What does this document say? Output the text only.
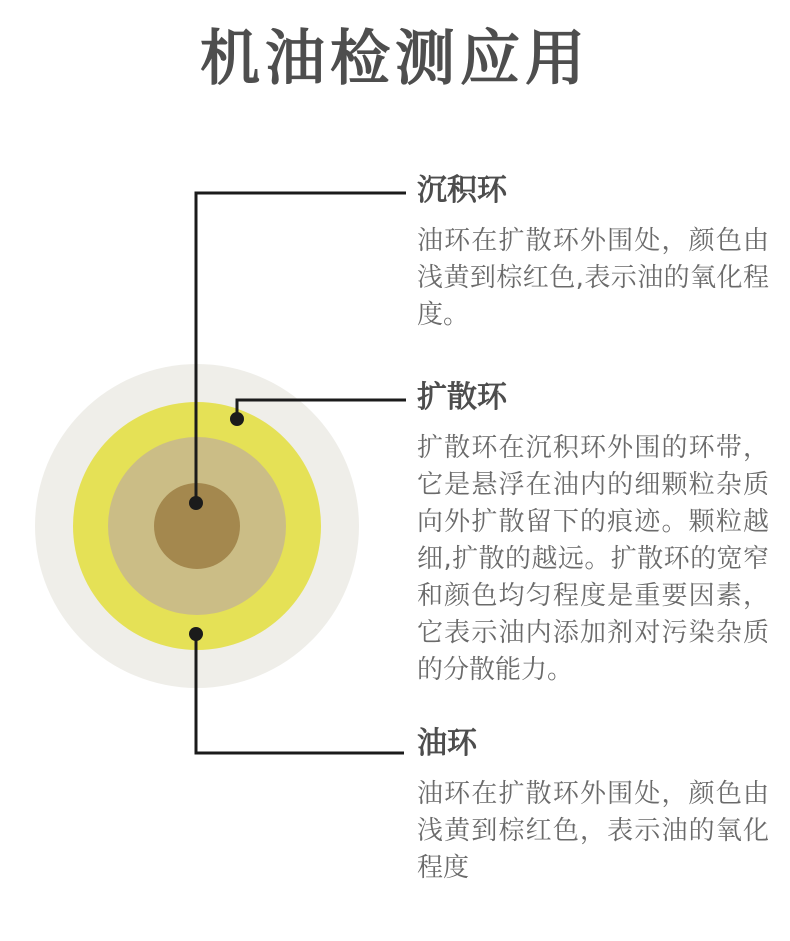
机油检测应用
沉积环

油环在扩散环外围处，颜色由浅黄到棕红色,表示油的氧化程度。

扩散环

扩散环在沉积环外围的环带，它是悬浮在油内的细颗粒杂质向外扩散留下的痕迹。颗粒越细,扩散的越远。扩散环的宽窄和颜色均匀程度是重要因素，它表示油内添加剂对污染杂质的分散能力。

油环

油环在扩散环外围处，颜色由浅黄到棕红色，表示油的氧化程度
